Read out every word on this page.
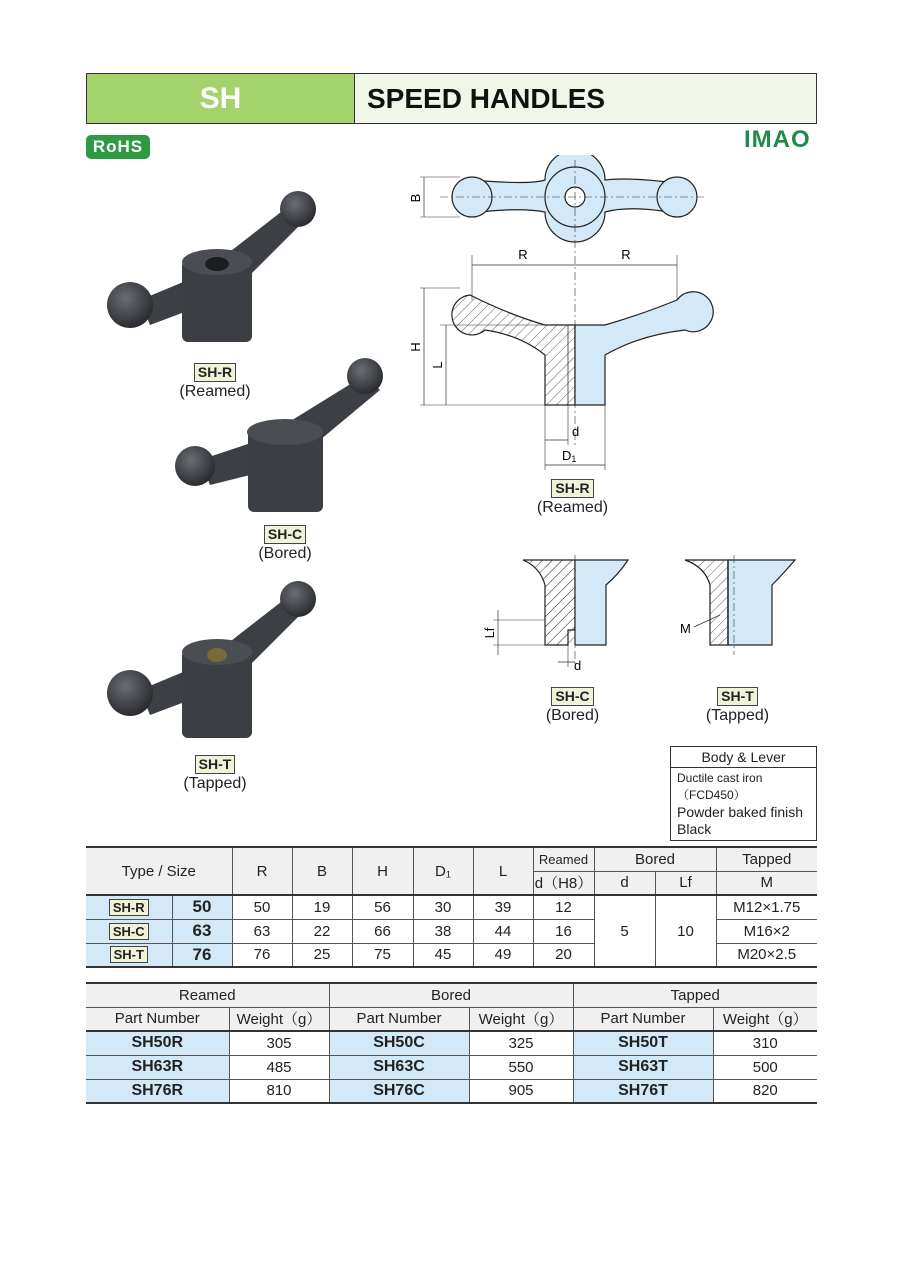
SH	SPEED HANDLES
RoHS	IMAO
SH-R
(Reamed)
SH-C
(Bored)
SH-T
(Tapped)
B
R	R
H
L
d
D1
SH-R
(Reamed)
Lf
d
SH-C
(Bored)
M
SH-T
(Tapped)
Body & Lever
Ductile cast iron（FCD450）
Powder baked finish
Black
Type / Size		R	B	H	D₁	L	Reamed	Bored		Tapped
							d（H8）	d	Lf	M
SH-R	50	50	19	56	30	39	12	5	10	M12×1.75
SH-C	63	63	22	66	38	44	16			M16×2
SH-T	76	76	25	75	45	49	20			M20×2.5
Reamed		Bored		Tapped	
Part Number	Weight（g）	Part Number	Weight（g）	Part Number	Weight（g）
SH50R	305	SH50C	325	SH50T	310
SH63R	485	SH63C	550	SH63T	500
SH76R	810	SH76C	905	SH76T	820
